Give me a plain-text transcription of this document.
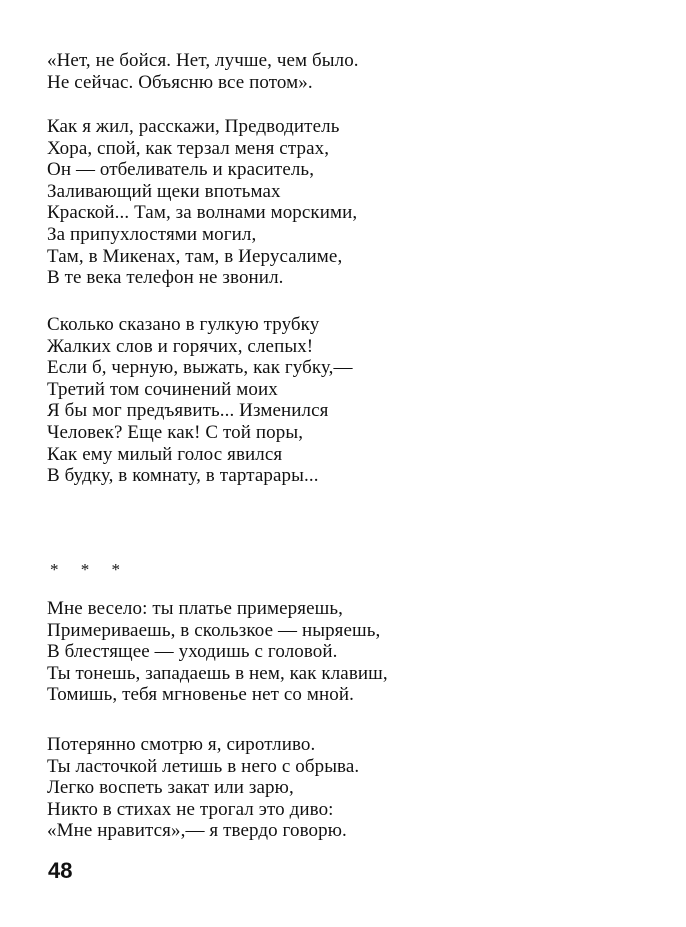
«Нет, не бойся. Нет, лучше, чем было.
Не сейчас. Объясню все потом».
Как я жил, расскажи, Предводитель
Хора, спой, как терзал меня страх,
Он — отбеливатель и краситель,
Заливающий щеки впотьмах
Краской... Там, за волнами морскими,
За припухлостями могил,
Там, в Микенах, там, в Иерусалиме,
В те века телефон не звонил.
Сколько сказано в гулкую трубку
Жалких слов и горячих, слепых!
Если б, черную, выжать, как губку,—
Третий том сочинений моих
Я бы мог предъявить... Изменился
Человек? Еще как! С той поры,
Как ему милый голос явился
В будку, в комнату, в тартарары...
* * *
Мне весело: ты платье примеряешь,
Примериваешь, в скользкое — ныряешь,
В блестящее — уходишь с головой.
Ты тонешь, западаешь в нем, как клавиш,
Томишь, тебя мгновенье нет со мной.
Потерянно смотрю я, сиротливо.
Ты ласточкой летишь в него с обрыва.
Легко воспеть закат или зарю,
Никто в стихах не трогал это диво:
«Мне нравится»,— я твердо говорю.
48
